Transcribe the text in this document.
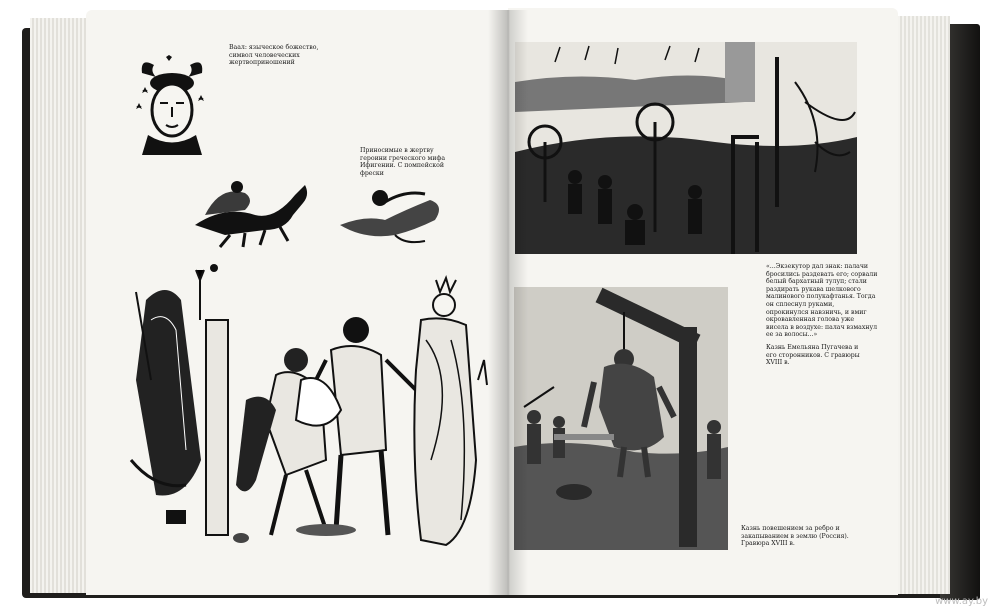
Ваал: языческое божество, символ человеческих жертвоприношений
Приносимые в жертву героини греческого мифа Ифигении. С помпейской фрески
«...Экзекутор дал знак: палачи бросились раздевать его; сорвали белый бархатный тулуп; стали раздирать рукава шелкового малинового полукафтанья. Тогда он сплеснул руками, опрокинулся навзничь, и вмиг окровавленная голова уже висела в воздухе: палач взмахнул ее за волосы...»
Казнь Емельяна Пугачева и его сторонников. С гравюры XVIII в.
Казнь повешением за ребро и закапыванием в землю (Россия). Гравюра XVIII в.
www.ay.by
